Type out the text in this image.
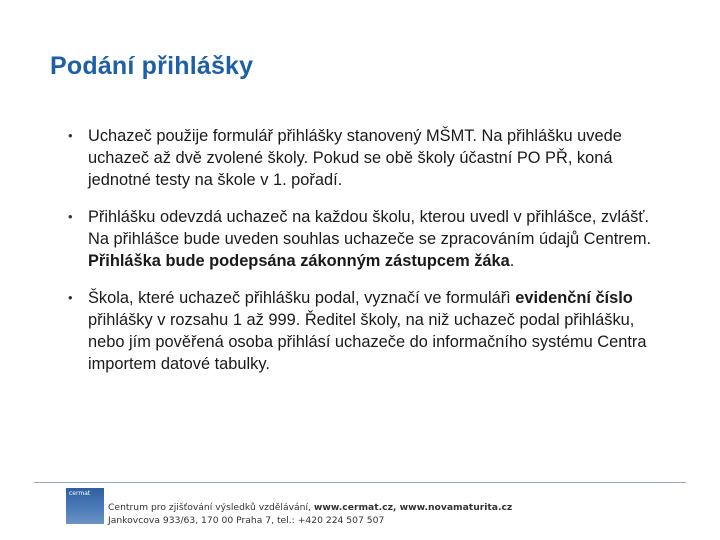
Podání přihlášky
• Uchazeč použije formulář přihlášky stanovený MŠMT. Na přihlášku uvede uchazeč až dvě zvolené školy. Pokud se obě školy účastní PO PŘ, koná jednotné testy na škole v 1. pořadí.
• Přihlášku odevzdá uchazeč na každou školu, kterou uvedl v přihlášce, zvlášť. Na přihlášce bude uveden souhlas uchazeče se zpracováním údajů Centrem. Přihláška bude podepsána zákonným zástupcem žáka.
• Škola, které uchazeč přihlášku podal, vyznačí ve formulářì evidenční číslo přihlášky v rozsahu 1 až 999. Ředitel školy, na niž uchazeč podal přihlášku, nebo jím pověřená osoba přihlásí uchazeče do informačního systému Centra importem datové tabulky.
cermat
Centrum pro zjišťování výsledků vzdělávání, www.cermat.cz, www.novamaturita.cz
Jankovcova 933/63, 170 00 Praha 7, tel.: +420 224 507 507
